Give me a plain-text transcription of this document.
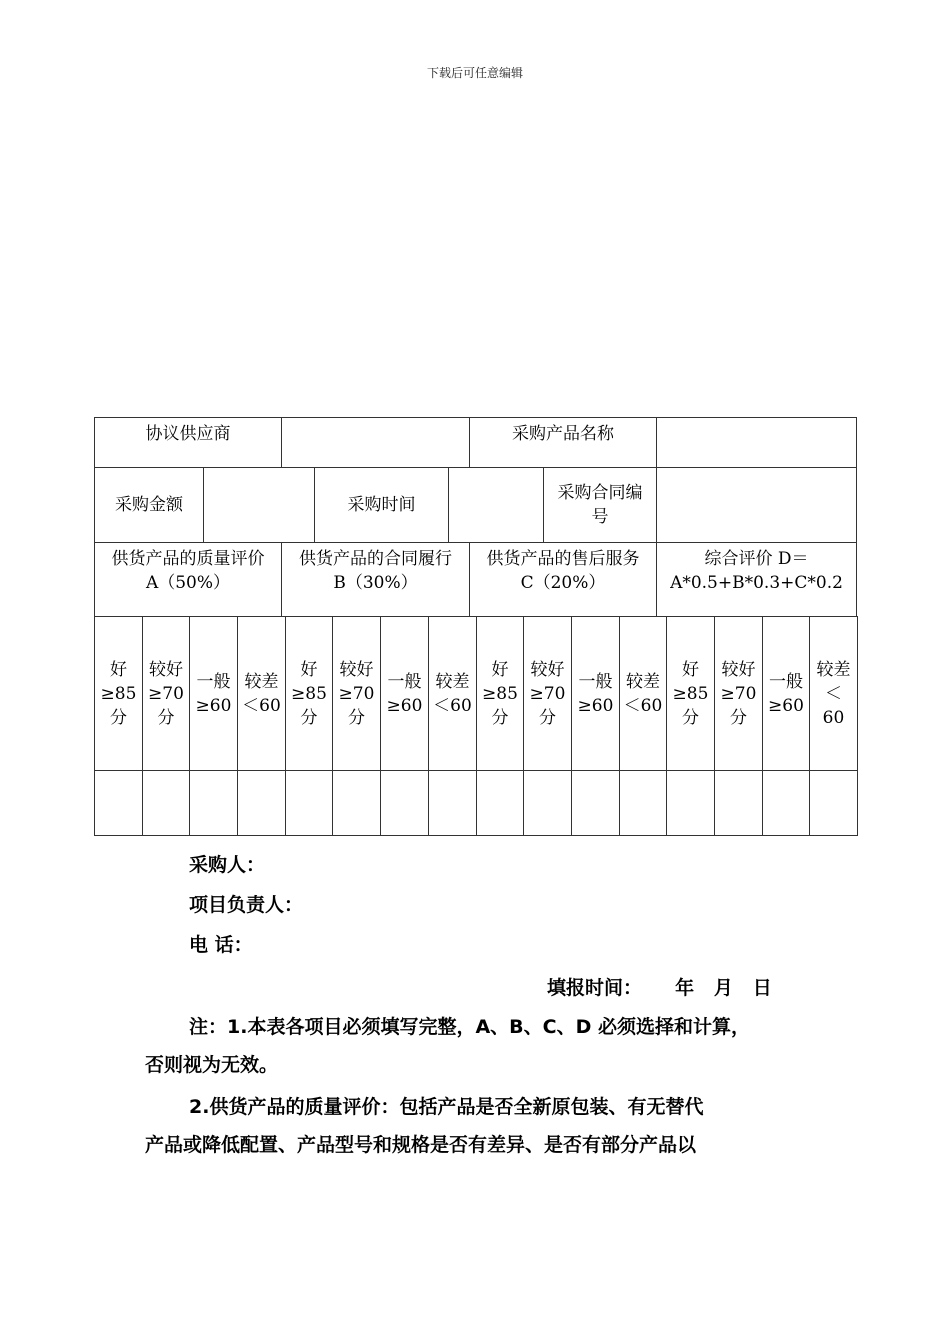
下载后可任意编辑
协议供应商	采购产品名称
采购金额	采购时间
采购合同编
号
供货产品的质量评价
A（50%）
供货产品的合同履行
B（30%）
供货产品的售后服务
C（20%）
综合评价 D＝
A*0.5+B*0.3+C*0.2
好
≥85
分
较好
≥70
分
一般
≥60
较差
＜60
好
≥85
分
较好
≥70
分
一般
≥60
较差
＜60
好
≥85
分
较好
≥70
分
一般
≥60
较差
＜60
好
≥85
分
较好
≥70
分
一般
≥60
较差＜
60
采购人：
项目负责人：
电 话：
填报时间：     年   月   日
注：1.本表各项目必须填写完整，A、B、C、D 必须选择和计算，
否则视为无效。
2.供货产品的质量评价：包括产品是否全新原包装、有无替代
产品或降低配置、产品型号和规格是否有差异、是否有部分产品以
